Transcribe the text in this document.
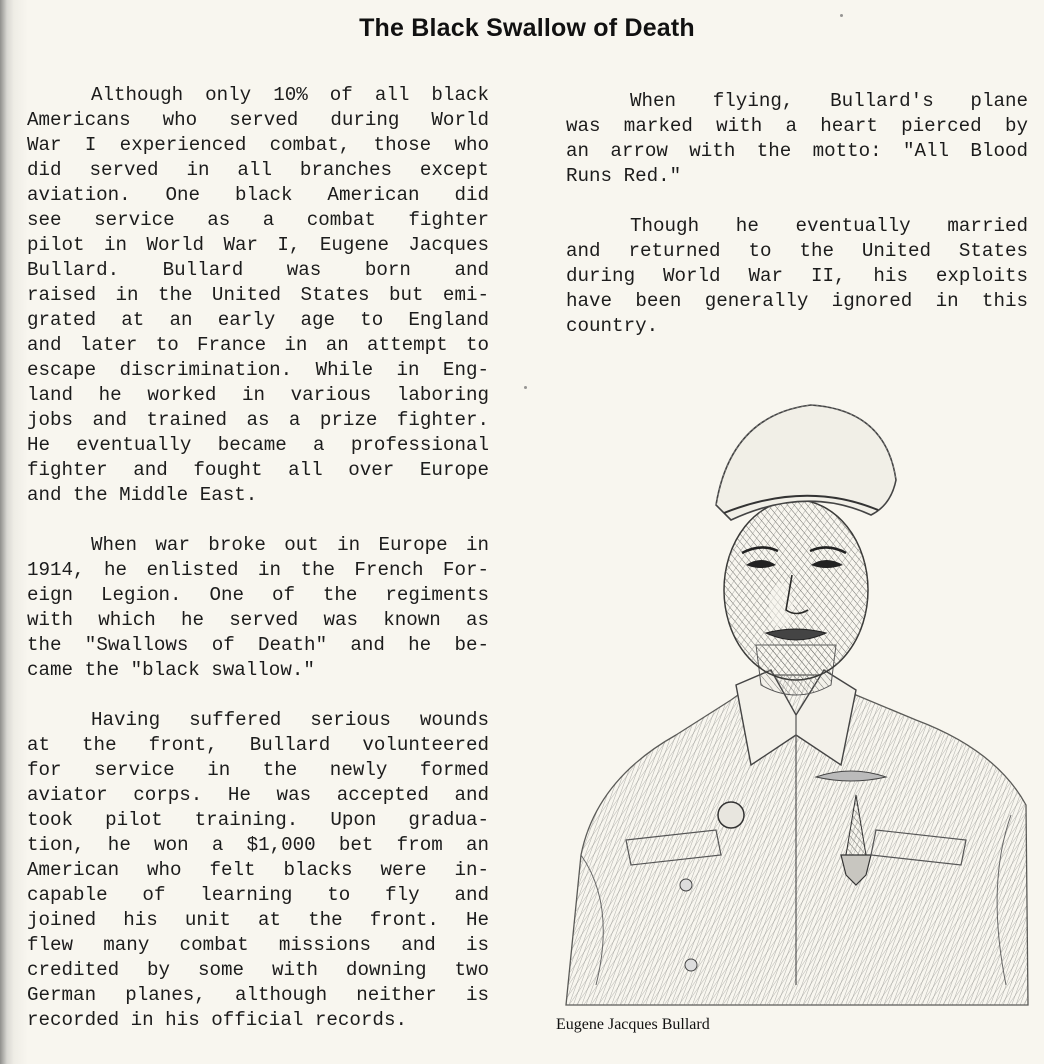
The Black Swallow of Death
Although only 10% of all black
Americans who served during World
War I experienced combat, those who
did served in all branches except
aviation. One black American did
see service as a combat fighter
pilot in World War I, Eugene Jacques
Bullard. Bullard was born and
raised in the United States but emi-
grated at an early age to England
and later to France in an attempt to
escape discrimination. While in Eng-
land he worked in various laboring
jobs and trained as a prize fighter.
He eventually became a professional
fighter and fought all over Europe
and the Middle East.
When war broke out in Europe in
1914, he enlisted in the French For-
eign Legion. One of the regiments
with which he served was known as
the "Swallows of Death" and he be-
came the "black swallow."
Having suffered serious wounds
at the front, Bullard volunteered
for service in the newly formed
aviator corps. He was accepted and
took pilot training. Upon gradua-
tion, he won a $1,000 bet from an
American who felt blacks were in-
capable of learning to fly and
joined his unit at the front. He
flew many combat missions and is
credited by some with downing two
German planes, although neither is
recorded in his official records.
When flying, Bullard's plane
was marked with a heart pierced by
an arrow with the motto: "All Blood
Runs Red."
Though he eventually married
and returned to the United States
during World War II, his exploits
have been generally ignored in this
country.
Eugene Jacques Bullard
